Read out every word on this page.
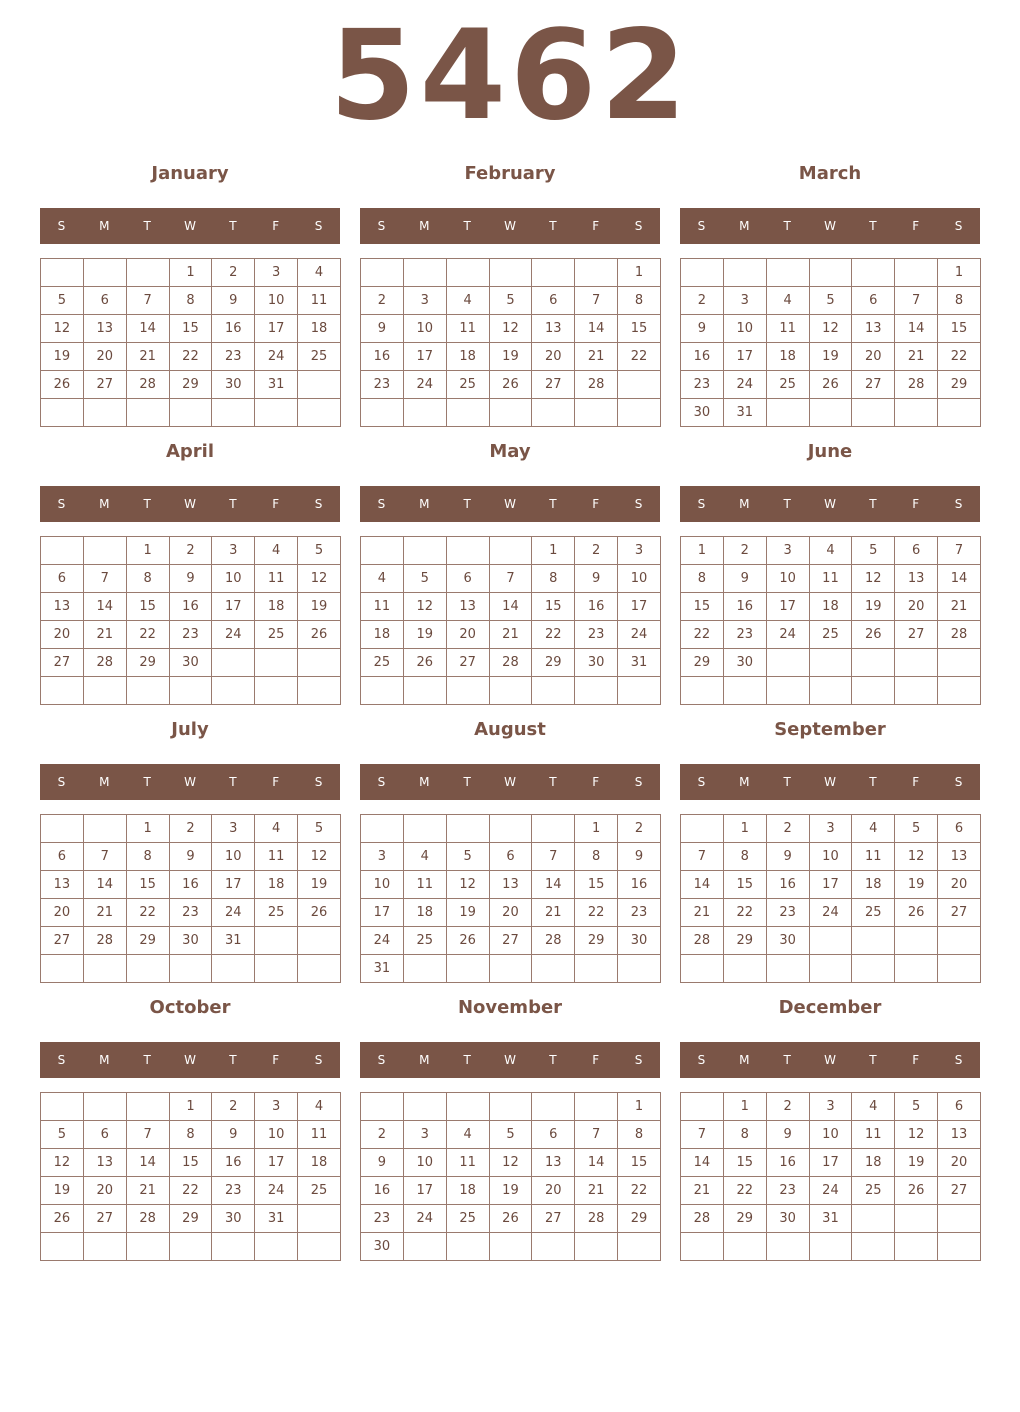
5462
January
S	M	T	W	T	F	S
			1	2	3	4
5	6	7	8	9	10	11
12	13	14	15	16	17	18
19	20	21	22	23	24	25
26	27	28	29	30	31	

February
S	M	T	W	T	F	S
						1
2	3	4	5	6	7	8
9	10	11	12	13	14	15
16	17	18	19	20	21	22
23	24	25	26	27	28	

March
S	M	T	W	T	F	S
						1
2	3	4	5	6	7	8
9	10	11	12	13	14	15
16	17	18	19	20	21	22
23	24	25	26	27	28	29
30	31					
April
S	M	T	W	T	F	S
		1	2	3	4	5
6	7	8	9	10	11	12
13	14	15	16	17	18	19
20	21	22	23	24	25	26
27	28	29	30			

May
S	M	T	W	T	F	S
				1	2	3
4	5	6	7	8	9	10
11	12	13	14	15	16	17
18	19	20	21	22	23	24
25	26	27	28	29	30	31

June
S	M	T	W	T	F	S
1	2	3	4	5	6	7
8	9	10	11	12	13	14
15	16	17	18	19	20	21
22	23	24	25	26	27	28
29	30					

July
S	M	T	W	T	F	S
		1	2	3	4	5
6	7	8	9	10	11	12
13	14	15	16	17	18	19
20	21	22	23	24	25	26
27	28	29	30	31		

August
S	M	T	W	T	F	S
					1	2
3	4	5	6	7	8	9
10	11	12	13	14	15	16
17	18	19	20	21	22	23
24	25	26	27	28	29	30
31						
September
S	M	T	W	T	F	S
	1	2	3	4	5	6
7	8	9	10	11	12	13
14	15	16	17	18	19	20
21	22	23	24	25	26	27
28	29	30				

October
S	M	T	W	T	F	S
			1	2	3	4
5	6	7	8	9	10	11
12	13	14	15	16	17	18
19	20	21	22	23	24	25
26	27	28	29	30	31	

November
S	M	T	W	T	F	S
						1
2	3	4	5	6	7	8
9	10	11	12	13	14	15
16	17	18	19	20	21	22
23	24	25	26	27	28	29
30						
December
S	M	T	W	T	F	S
	1	2	3	4	5	6
7	8	9	10	11	12	13
14	15	16	17	18	19	20
21	22	23	24	25	26	27
28	29	30	31			
